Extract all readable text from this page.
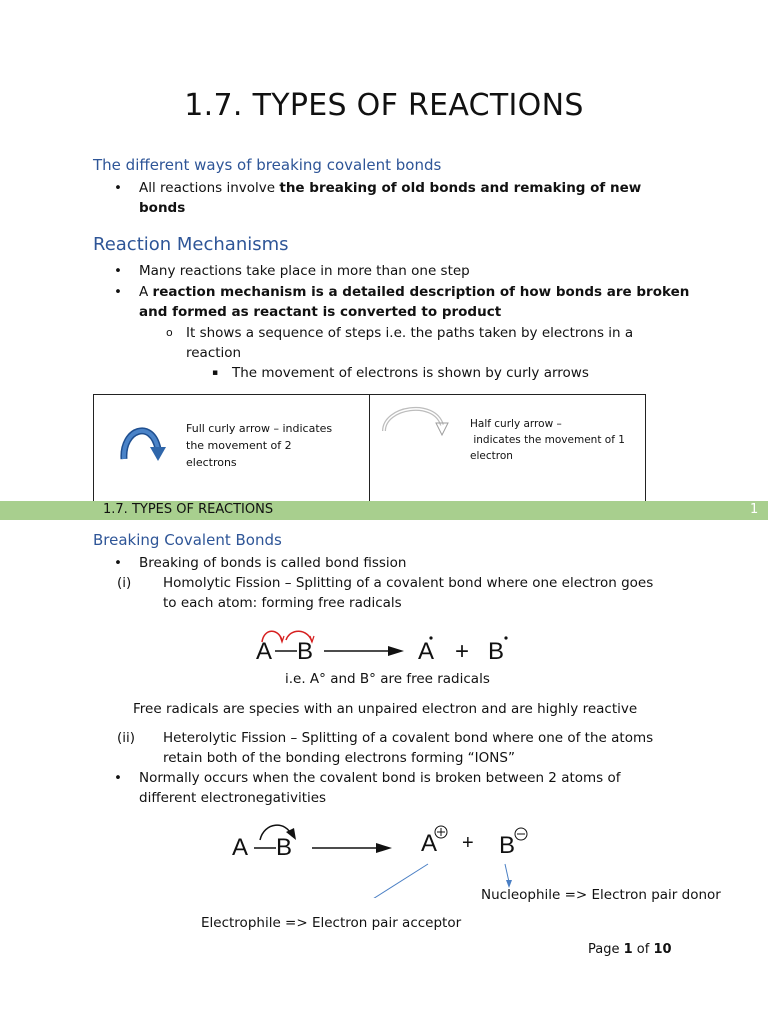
1.7. TYPES OF REACTIONS
The different ways of breaking covalent bonds
• All reactions involve the breaking of old bonds and remaking of new
bonds
Reaction Mechanisms
• Many reactions take place in more than one step
• A reaction mechanism is a detailed description of how bonds are broken
and formed as reactant is converted to product
o It shows a sequence of steps i.e. the paths taken by electrons in a
reaction
▪ The movement of electrons is shown by curly arrows
Full curly arrow – indicates
the movement of 2
electrons
Half curly arrow –
indicates the movement of 1
electron
1.7. TYPES OF REACTIONS	1
Breaking Covalent Bonds
• Breaking of bonds is called bond fission
(i) Homolytic Fission – Splitting of a covalent bond where one electron goes
to each atom: forming free radicals
A B	A + B
i.e. A° and B° are free radicals
Free radicals are species with an unpaired electron and are highly reactive
(ii) Heterolytic Fission – Splitting of a covalent bond where one of the atoms
retain both of the bonding electrons forming “IONS”
• Normally occurs when the covalent bond is broken between 2 atoms of
different electronegativities
A B	A + B
Nucleophile => Electron pair donor
Electrophile => Electron pair acceptor
Page 1 of 10
